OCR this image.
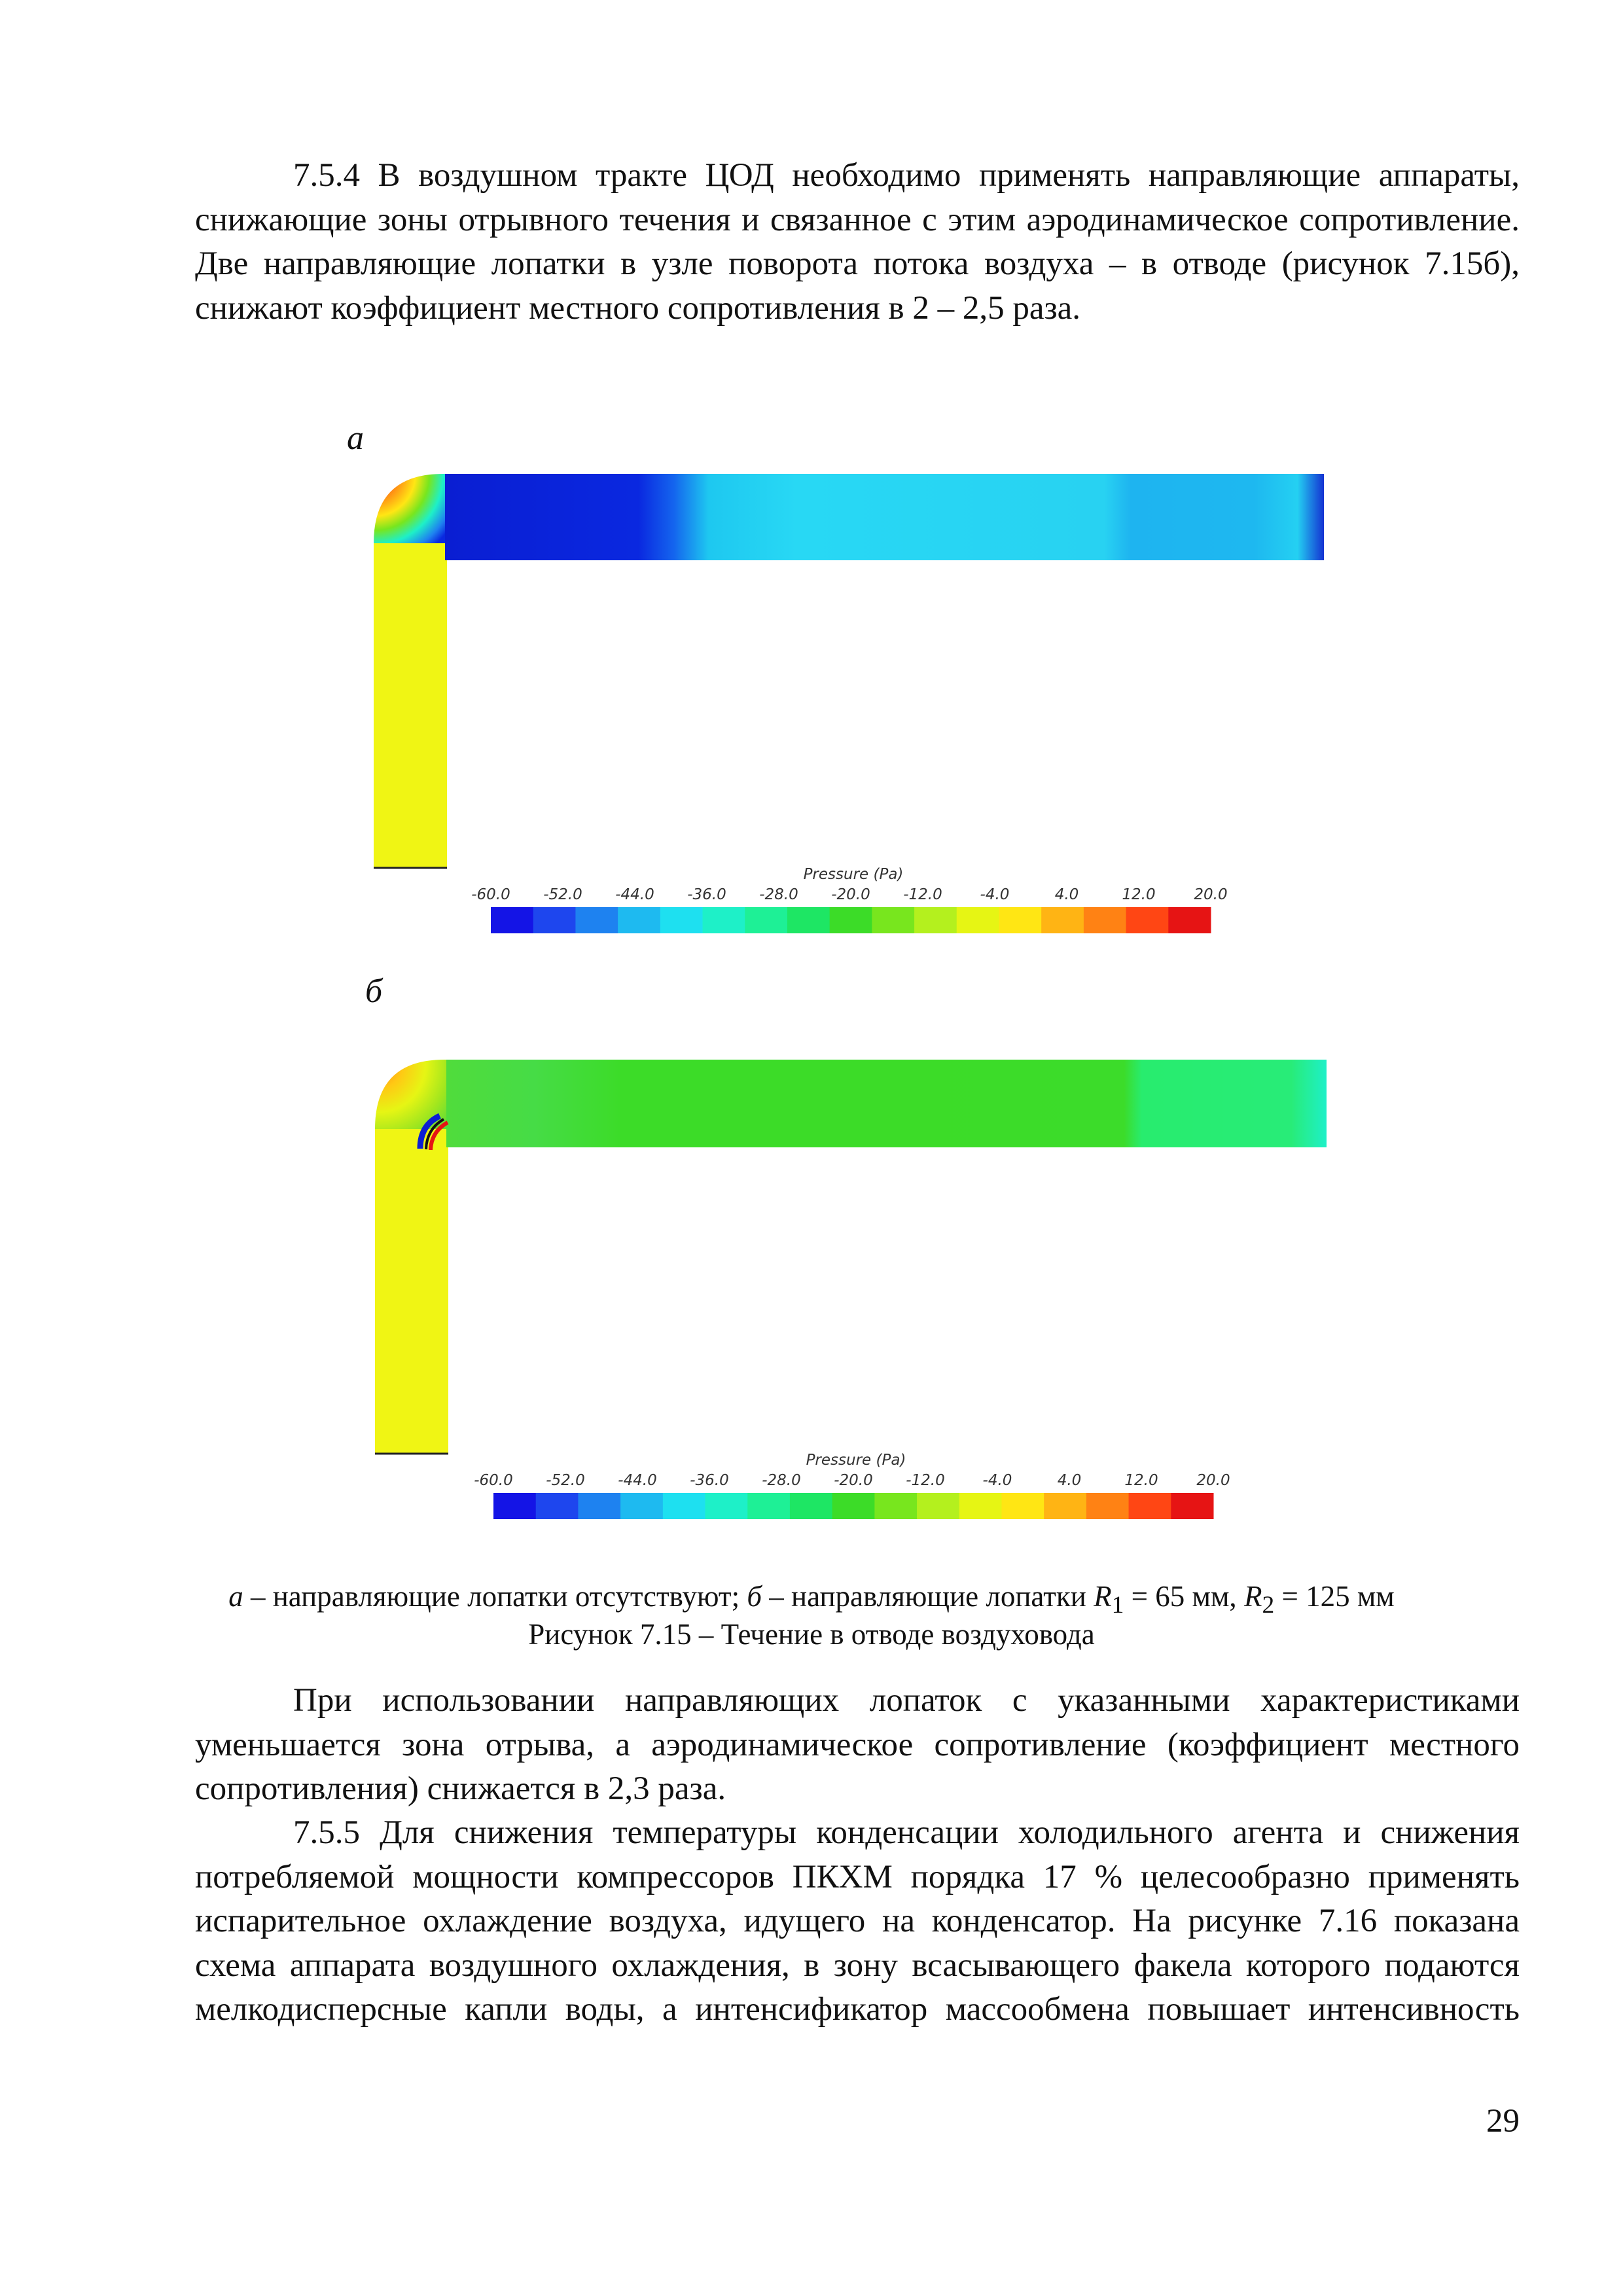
7.5.4 В воздушном тракте ЦОД необходимо применять направляющие аппараты, снижающие зоны отрывного течения и связанное с этим аэродинамическое сопротивление. Две направляющие лопатки в узле поворота потока воздуха – в отводе (рисунок 7.15б), снижают коэффициент местного сопротивления в 2 – 2,5 раза.
а
Pressure (Pa)
-60.0 -52.0 -44.0 -36.0 -28.0 -20.0 -12.0	-4.0	4.0	12.0	20.0
б
Pressure (Pa)
-60.0 -52.0 -44.0 -36.0 -28.0 -20.0 -12.0	-4.0	4.0	12.0	20.0
а – направляющие лопатки отсутствуют; б – направляющие лопатки $R_1 = 65$ мм, $R_2 = 125$ мм
Рисунок 7.15 – Течение в отводе воздуховода
При использовании направляющих лопаток с указанными характеристиками уменьшается зона отрыва, а аэродинамическое сопротивление (коэффициент местного сопротивления) снижается в 2,3 раза.
7.5.5 Для снижения температуры конденсации холодильного агента и снижения потребляемой мощности компрессоров ПКХМ порядка 17 % целесообразно применять испарительное охлаждение воздуха, идущего на конденсатор. На рисунке 7.16 показана схема аппарата воздушного охлаждения, в зону всасывающего факела которого подаются мелкодисперсные капли воды, а интенсификатор массообмена повышает интенсивность
29
